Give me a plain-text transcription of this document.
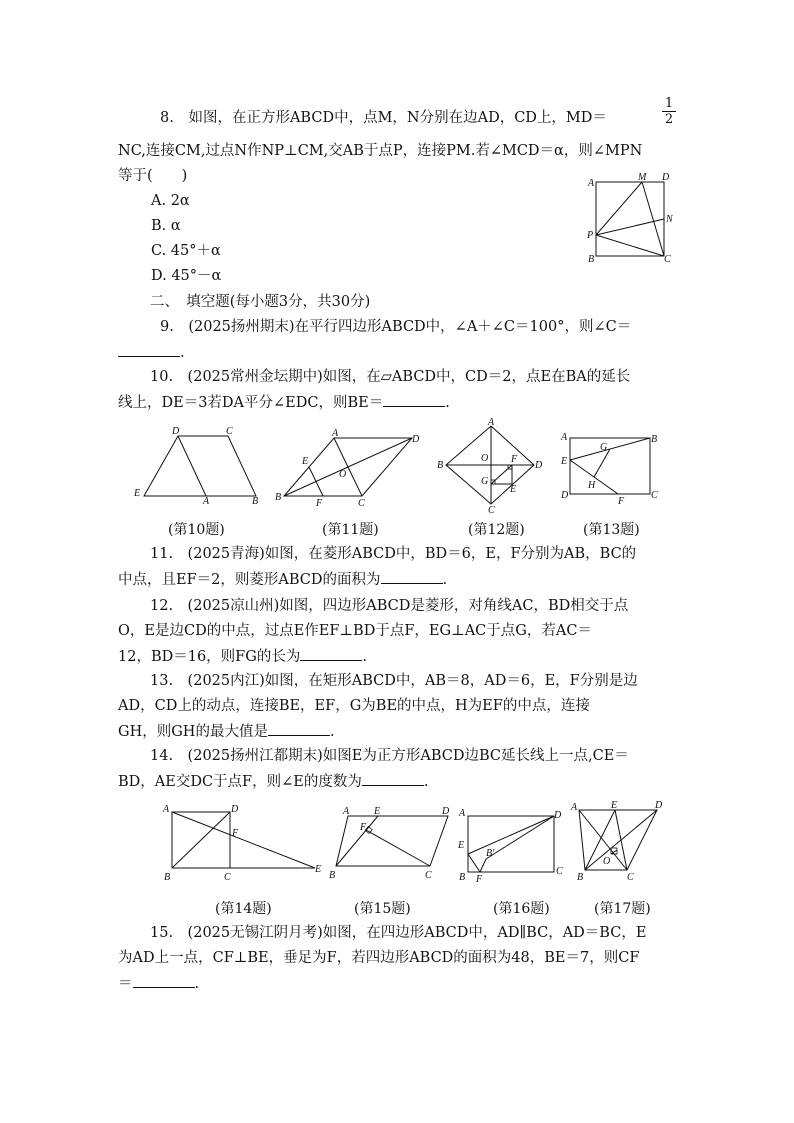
8. 如图，在正方形ABCD中，点M，N分别在边AD，CD上，MD＝	$\frac{1}{2}$
NC,连接CM,过点N作NP⊥CM,交AB于点P，连接PM.若∠MCD＝α，则∠MPN
等于(　　)
A. 2α
B. α
C. 45°＋α
D. 45°－α
A
M D
N
P
B	C
二、　填空题(每小题3分，共30分)
9.　(2025扬州期末)在平行四边形ABCD中，∠A＋∠C＝100°，则∠C＝
.
10.　(2025常州金坛期中)如图，在▱ABCD中，CD＝2，点E在BA的延长
线上，DE＝3若DA平分∠EDC，则BE＝	.
D	C
E
A	B
A
D
E
O
B
F	C
A
B
O F
D
G
E
C
A	B
G
E
H
D
F
C
(第10题)	(第11题)	(第12题)	(第13题)
11.　(2025青海)如图，在菱形ABCD中，BD＝6，E，F分别为AB，BC的
中点，且EF＝2，则菱形ABCD的面积为	.
12.　(2025凉山州)如图，四边形ABCD是菱形，对角线AC，BD相交于点
O，E是边CD的中点，过点E作EF⊥BD于点F，EG⊥AC于点G，若AC＝
12，BD＝16，则FG的长为	.
13.　(2025内江)如图，在矩形ABCD中，AB＝8，AD＝6，E，F分别是边
AD，CD上的动点，连接BE，EF，G为BE的中点，H为EF的中点，连接
GH，则GH的最大值是	.
14.　(2025扬州江都期末)如图E为正方形ABCD边BC延长线上一点,CE＝
BD，AE交DC于点F，则∠E的度数为	.
A	D
F
B	C
E
A E	D
F
B	C
A	D
E
B′
B F
C
A	E	D
O
B	C
(第14题)	(第15题)	(第16题)	(第17题)
15.　(2025无锡江阴月考)如图，在四边形ABCD中，AD∥BC，AD＝BC，E
为AD上一点，CF⊥BE，垂足为F，若四边形ABCD的面积为48，BE＝7，则CF
＝	.
